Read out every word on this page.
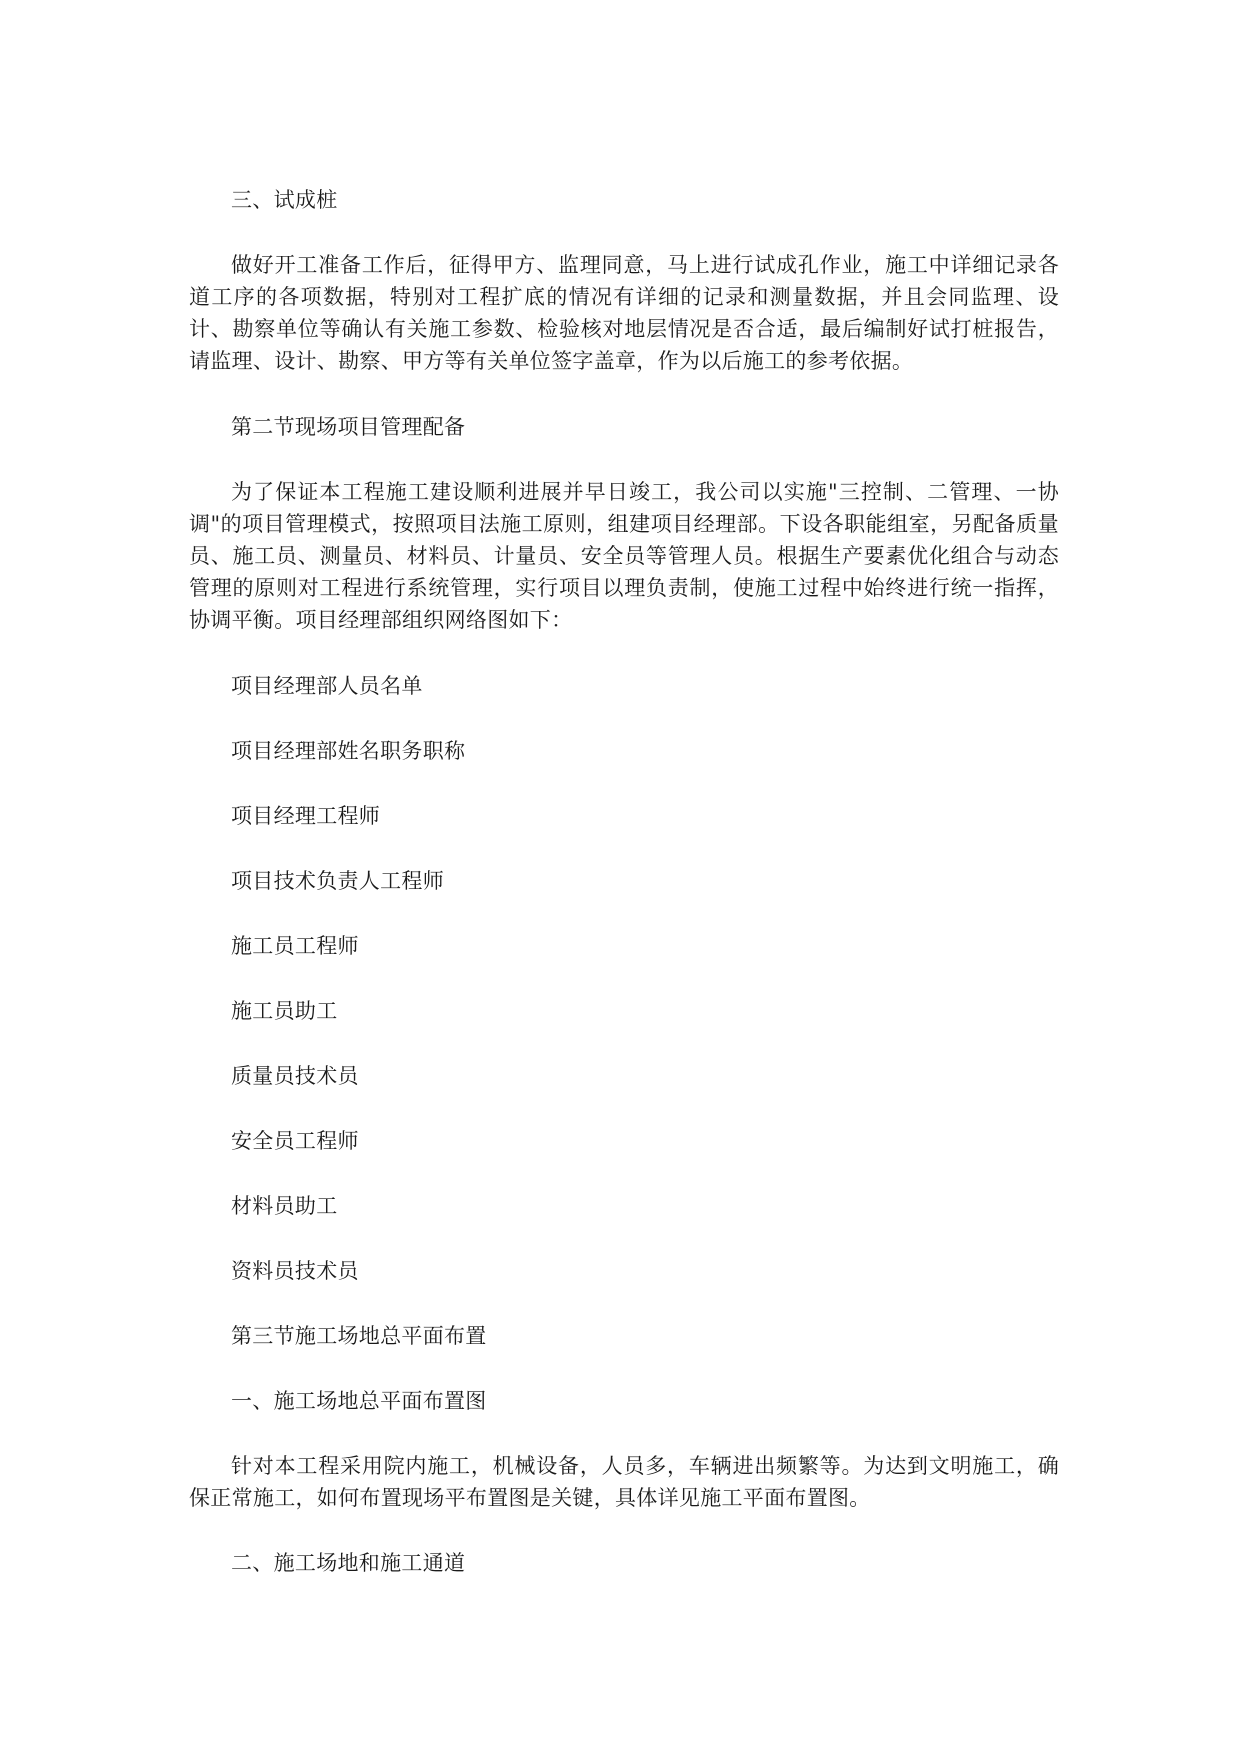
三、试成桩
做好开工准备工作后，征得甲方、监理同意，马上进行试成孔作业，施工中详细记录各道工序的各项数据，特别对工程扩底的情况有详细的记录和测量数据，并且会同监理、设计、勘察单位等确认有关施工参数、检验核对地层情况是否合适，最后编制好试打桩报告，请监理、设计、勘察、甲方等有关单位签字盖章，作为以后施工的参考依据。
第二节现场项目管理配备
为了保证本工程施工建设顺利进展并早日竣工，我公司以实施"三控制、二管理、一协调"的项目管理模式，按照项目法施工原则，组建项目经理部。下设各职能组室，另配备质量员、施工员、测量员、材料员、计量员、安全员等管理人员。根据生产要素优化组合与动态管理的原则对工程进行系统管理，实行项目以理负责制，使施工过程中始终进行统一指挥，协调平衡。项目经理部组织网络图如下：
项目经理部人员名单
项目经理部姓名职务职称
项目经理工程师
项目技术负责人工程师
施工员工程师
施工员助工
质量员技术员
安全员工程师
材料员助工
资料员技术员
第三节施工场地总平面布置
一、施工场地总平面布置图
针对本工程采用院内施工，机械设备，人员多，车辆进出频繁等。为达到文明施工，确保正常施工，如何布置现场平布置图是关键，具体详见施工平面布置图。
二、施工场地和施工通道
